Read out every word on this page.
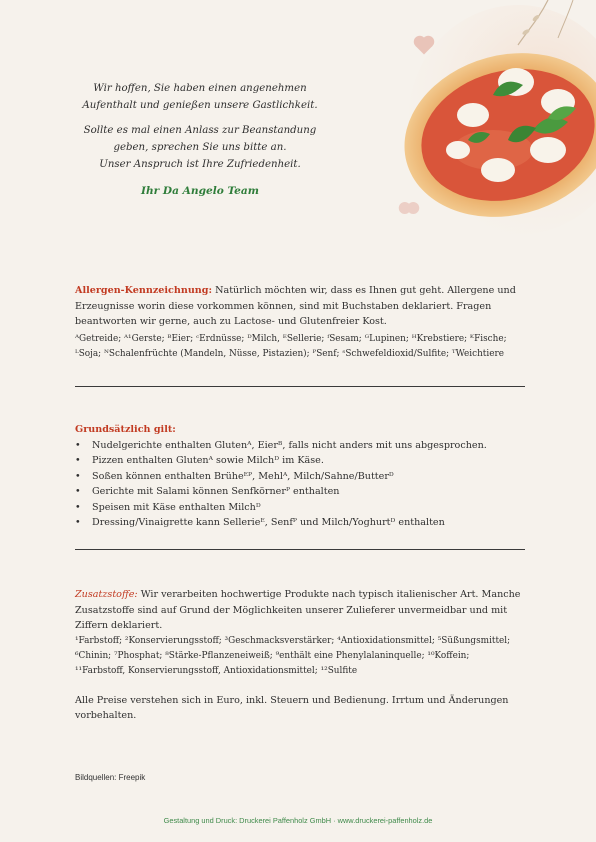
Wir hoffen, Sie haben einen angenehmen
Aufenthalt und genießen unsere Gastlichkeit.

Sollte es mal einen Anlass zur Beanstandung
geben, sprechen Sie uns bitte an.
Unser Anspruch ist Ihre Zufriedenheit.

Ihr Da Angelo Team
Allergen-Kennzeichnung: Natürlich möchten wir, dass es Ihnen gut geht. Allergene und Erzeugnisse worin diese vorkommen können, sind mit Buchstaben deklariert. Fragen beantworten wir gerne, auch zu Lactose- und Glutenfreier Kost.
ᴬGetreide; ᴬ¹Gerste; ᴮEier; ᶜErdnüsse; ᴰMilch, ᴱSellerie; ᶠSesam; ᴳLupinen; ᴴKrebstiere; ᴷFische;
ᴸSoja; ᴺSchalenfrüchte (Mandeln, Nüsse, Pistazien); ᴾSenf; ˢSchwefeldioxid/Sulfite; ᵀWeichtiere
Grundsätzlich gilt:
• Nudelgerichte enthalten Glutenᴬ, Eierᴮ, falls nicht anders mit uns abgesprochen.
• Pizzen enthalten Glutenᴬ sowie Milchᴰ im Käse.
• Soßen können enthalten Brüheᴱᴾ, Mehlᴬ, Milch/Sahne/Butterᴰ
• Gerichte mit Salami können Senfkörnerᴾ enthalten
• Speisen mit Käse enthalten Milchᴰ
• Dressing/Vinaigrette kann Sellerieᴱ, Senfᴾ und Milch/Yoghurtᴰ enthalten
Zusatzstoffe: Wir verarbeiten hochwertige Produkte nach typisch italienischer Art. Manche Zusatzstoffe sind auf Grund der Möglichkeiten unserer Zulieferer unvermeidbar und mit Ziffern deklariert.
¹Farbstoff; ²Konservierungsstoff; ³Geschmacksverstärker; ⁴Antioxidationsmittel; ⁵Süßungsmittel;
⁶Chinin; ⁷Phosphat; ⁸Stärke-Pflanzeneiweiß; ⁹enthält eine Phenylalaninquelle; ¹⁰Koffein;
¹¹Farbstoff, Konservierungsstoff, Antioxidationsmittel; ¹²Sulfite
Alle Preise verstehen sich in Euro, inkl. Steuern und Bedienung. Irrtum und Änderungen vorbehalten.
Bildquellen: Freepik
Gestaltung und Druck: Druckerei Paffenholz GmbH · www.druckerei-paffenholz.de
